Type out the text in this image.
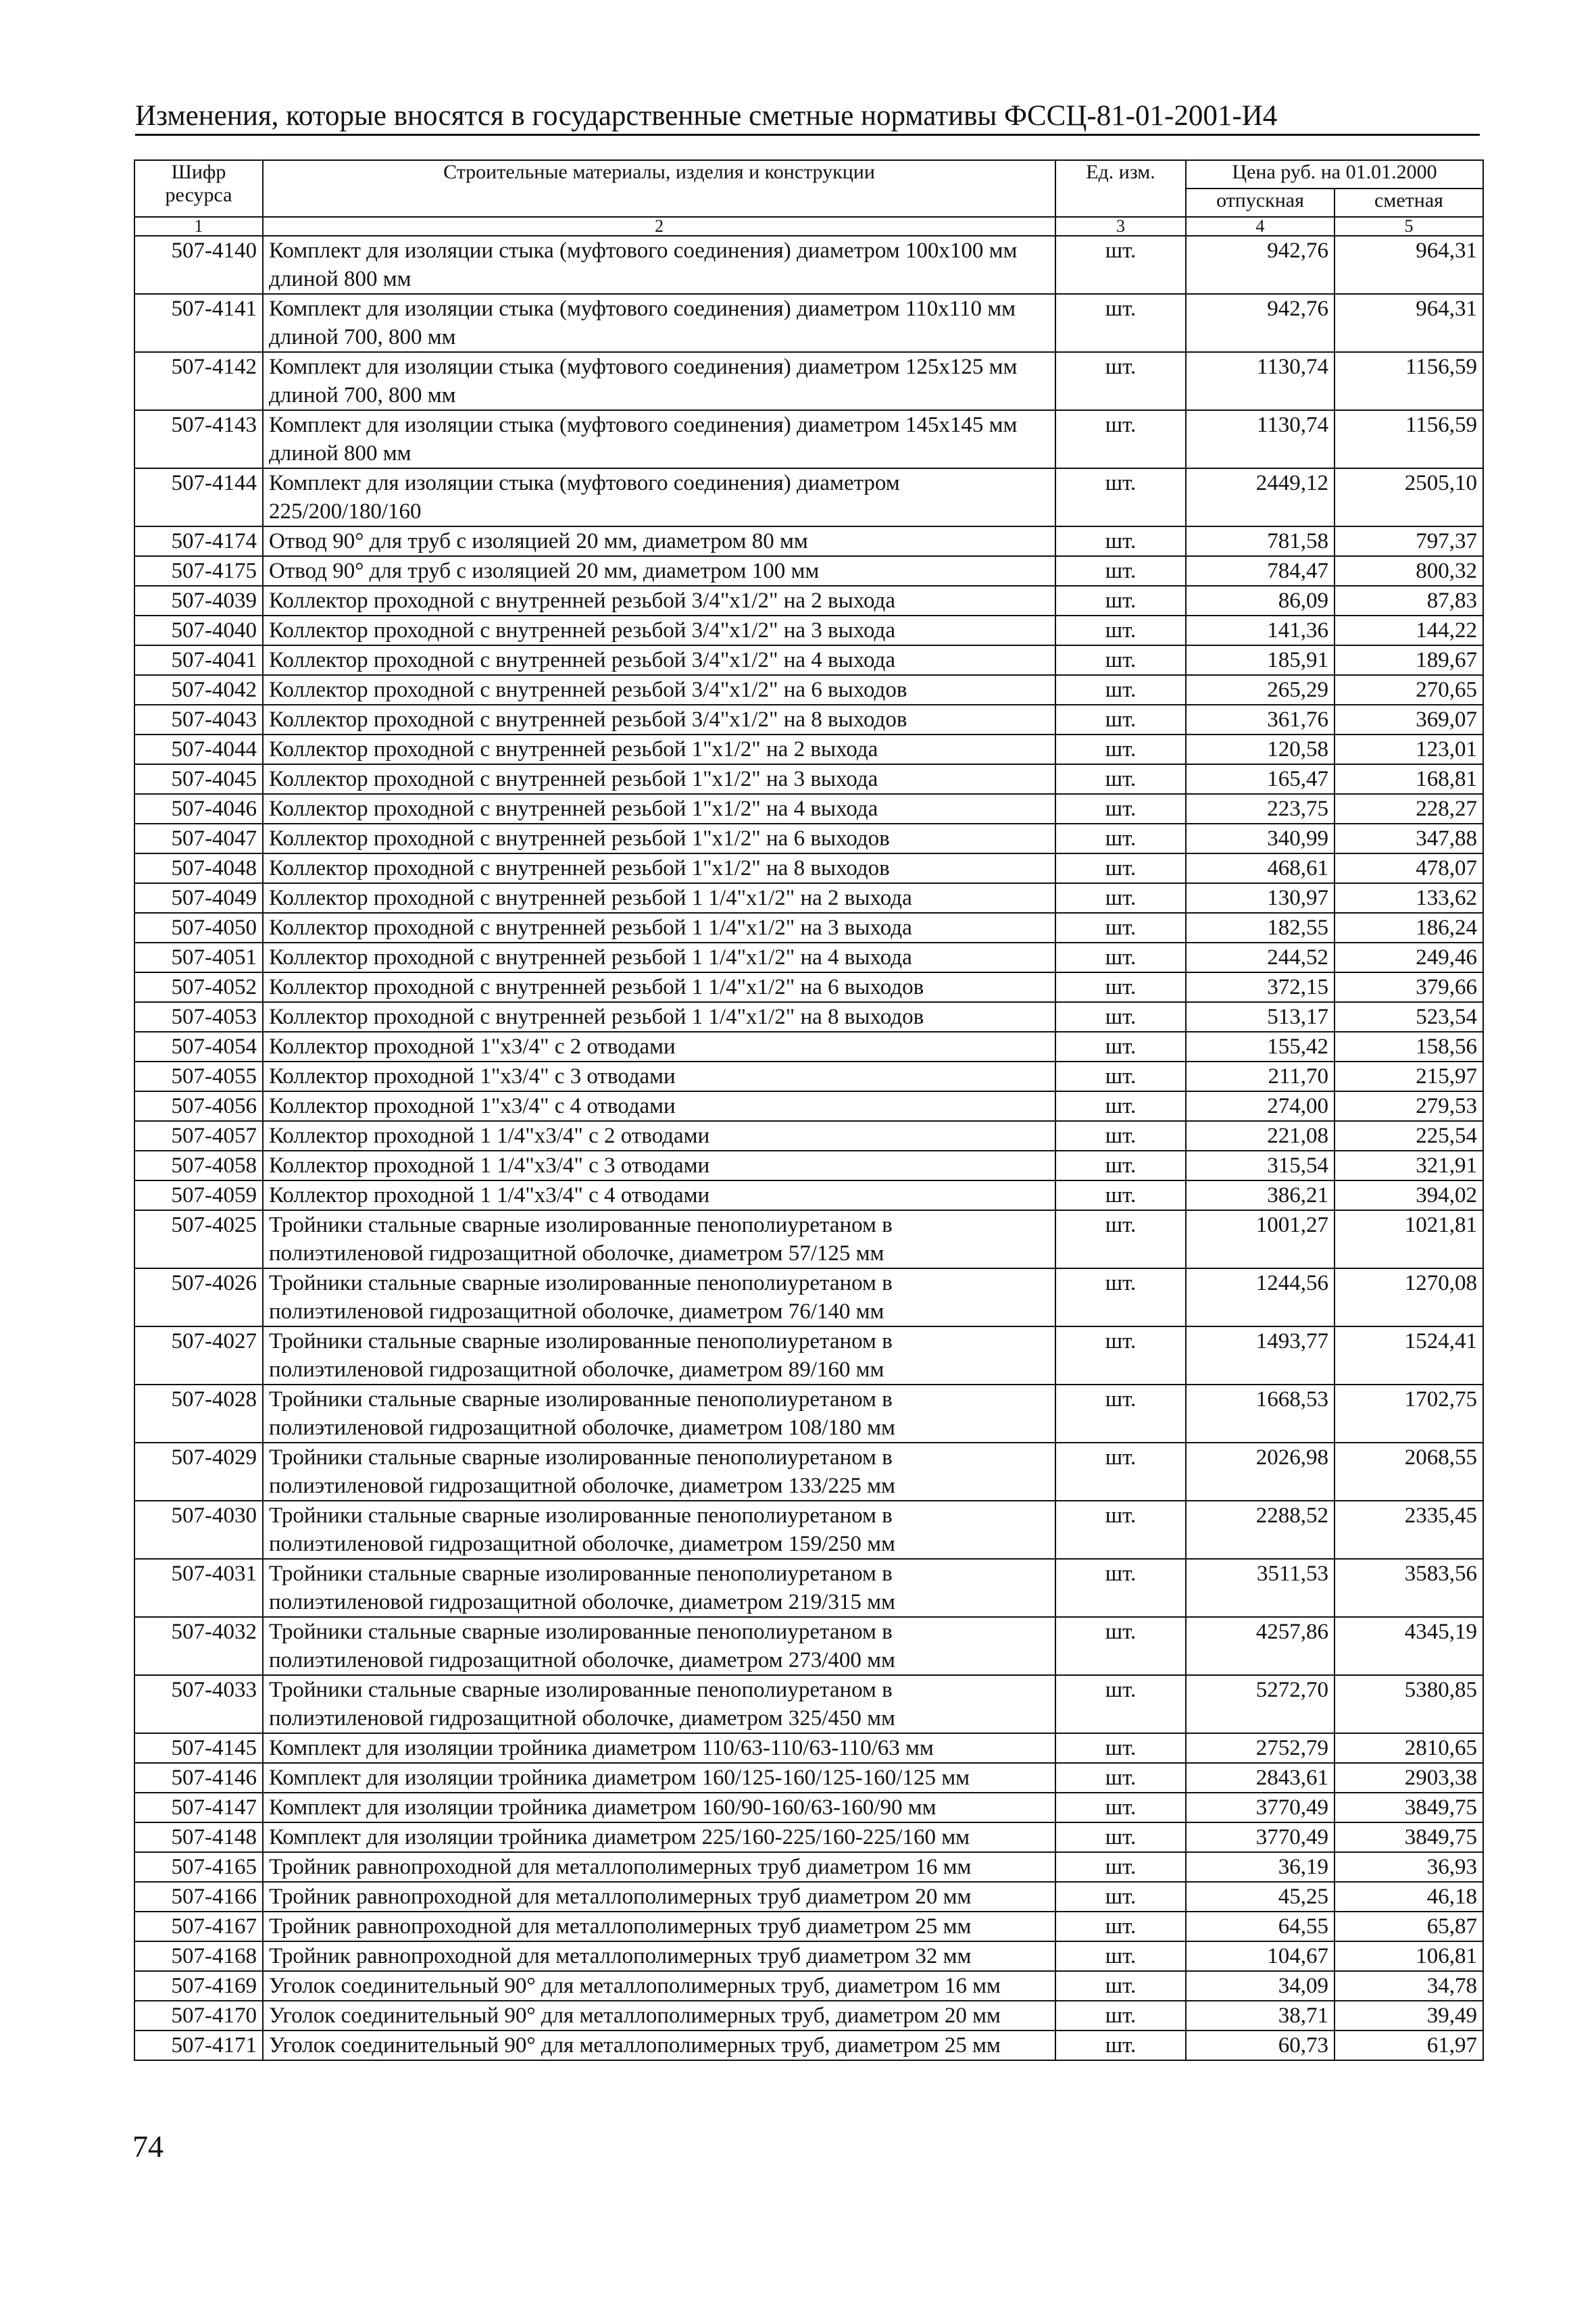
Изменения, которые вносятся в государственные сметные нормативы ФССЦ-81-01-2001-И4
Шифр ресурса	Строительные материалы, изделия и конструкции	Ед. изм.	Цена руб. на 01.01.2000	
			отпускная	сметная
1	2	3	4	5
507-4140	Комплект для изоляции стыка (муфтового соединения) диаметром 100x100 мм длиной 800 мм	шт.	942,76	964,31
507-4141	Комплект для изоляции стыка (муфтового соединения) диаметром 110x110 мм длиной 700, 800 мм	шт.	942,76	964,31
507-4142	Комплект для изоляции стыка (муфтового соединения) диаметром 125x125 мм длиной 700, 800 мм	шт.	1130,74	1156,59
507-4143	Комплект для изоляции стыка (муфтового соединения) диаметром 145x145 мм длиной 800 мм	шт.	1130,74	1156,59
507-4144	Комплект для изоляции стыка (муфтового соединения) диаметром 225/200/180/160	шт.	2449,12	2505,10
507-4174	Отвод 90° для труб с изоляцией 20 мм, диаметром 80 мм	шт.	781,58	797,37
507-4175	Отвод 90° для труб с изоляцией 20 мм, диаметром 100 мм	шт.	784,47	800,32
507-4039	Коллектор проходной с внутренней резьбой 3/4"x1/2" на 2 выхода	шт.	86,09	87,83
507-4040	Коллектор проходной с внутренней резьбой 3/4"x1/2" на 3 выхода	шт.	141,36	144,22
507-4041	Коллектор проходной с внутренней резьбой 3/4"x1/2" на 4 выхода	шт.	185,91	189,67
507-4042	Коллектор проходной с внутренней резьбой 3/4"x1/2" на 6 выходов	шт.	265,29	270,65
507-4043	Коллектор проходной с внутренней резьбой 3/4"x1/2" на 8 выходов	шт.	361,76	369,07
507-4044	Коллектор проходной с внутренней резьбой 1"x1/2" на 2 выхода	шт.	120,58	123,01
507-4045	Коллектор проходной с внутренней резьбой 1"x1/2" на 3 выхода	шт.	165,47	168,81
507-4046	Коллектор проходной с внутренней резьбой 1"x1/2" на 4 выхода	шт.	223,75	228,27
507-4047	Коллектор проходной с внутренней резьбой 1"x1/2" на 6 выходов	шт.	340,99	347,88
507-4048	Коллектор проходной с внутренней резьбой 1"x1/2" на 8 выходов	шт.	468,61	478,07
507-4049	Коллектор проходной с внутренней резьбой 1 1/4"x1/2" на 2 выхода	шт.	130,97	133,62
507-4050	Коллектор проходной с внутренней резьбой 1 1/4"x1/2" на 3 выхода	шт.	182,55	186,24
507-4051	Коллектор проходной с внутренней резьбой 1 1/4"x1/2" на 4 выхода	шт.	244,52	249,46
507-4052	Коллектор проходной с внутренней резьбой 1 1/4"x1/2" на 6 выходов	шт.	372,15	379,66
507-4053	Коллектор проходной с внутренней резьбой 1 1/4"x1/2" на 8 выходов	шт.	513,17	523,54
507-4054	Коллектор проходной 1"x3/4" с 2 отводами	шт.	155,42	158,56
507-4055	Коллектор проходной 1"x3/4" с 3 отводами	шт.	211,70	215,97
507-4056	Коллектор проходной 1"x3/4" с 4 отводами	шт.	274,00	279,53
507-4057	Коллектор проходной 1 1/4"x3/4" с 2 отводами	шт.	221,08	225,54
507-4058	Коллектор проходной 1 1/4"x3/4" с 3 отводами	шт.	315,54	321,91
507-4059	Коллектор проходной 1 1/4"x3/4" с 4 отводами	шт.	386,21	394,02
507-4025	Тройники стальные сварные изолированные пенополиуретаном в полиэтиленовой гидрозащитной оболочке, диаметром 57/125 мм	шт.	1001,27	1021,81
507-4026	Тройники стальные сварные изолированные пенополиуретаном в полиэтиленовой гидрозащитной оболочке, диаметром 76/140 мм	шт.	1244,56	1270,08
507-4027	Тройники стальные сварные изолированные пенополиуретаном в полиэтиленовой гидрозащитной оболочке, диаметром 89/160 мм	шт.	1493,77	1524,41
507-4028	Тройники стальные сварные изолированные пенополиуретаном в полиэтиленовой гидрозащитной оболочке, диаметром 108/180 мм	шт.	1668,53	1702,75
507-4029	Тройники стальные сварные изолированные пенополиуретаном в полиэтиленовой гидрозащитной оболочке, диаметром 133/225 мм	шт.	2026,98	2068,55
507-4030	Тройники стальные сварные изолированные пенополиуретаном в полиэтиленовой гидрозащитной оболочке, диаметром 159/250 мм	шт.	2288,52	2335,45
507-4031	Тройники стальные сварные изолированные пенополиуретаном в полиэтиленовой гидрозащитной оболочке, диаметром 219/315 мм	шт.	3511,53	3583,56
507-4032	Тройники стальные сварные изолированные пенополиуретаном в полиэтиленовой гидрозащитной оболочке, диаметром 273/400 мм	шт.	4257,86	4345,19
507-4033	Тройники стальные сварные изолированные пенополиуретаном в полиэтиленовой гидрозащитной оболочке, диаметром 325/450 мм	шт.	5272,70	5380,85
507-4145	Комплект для изоляции тройника диаметром 110/63-110/63-110/63 мм	шт.	2752,79	2810,65
507-4146	Комплект для изоляции тройника диаметром 160/125-160/125-160/125 мм	шт.	2843,61	2903,38
507-4147	Комплект для изоляции тройника диаметром 160/90-160/63-160/90 мм	шт.	3770,49	3849,75
507-4148	Комплект для изоляции тройника диаметром 225/160-225/160-225/160 мм	шт.	3770,49	3849,75
507-4165	Тройник равнопроходной для металлополимерных труб диаметром 16 мм	шт.	36,19	36,93
507-4166	Тройник равнопроходной для металлополимерных труб диаметром 20 мм	шт.	45,25	46,18
507-4167	Тройник равнопроходной для металлополимерных труб диаметром 25 мм	шт.	64,55	65,87
507-4168	Тройник равнопроходной для металлополимерных труб диаметром 32 мм	шт.	104,67	106,81
507-4169	Уголок соединительный 90° для металлополимерных труб, диаметром 16 мм	шт.	34,09	34,78
507-4170	Уголок соединительный 90° для металлополимерных труб, диаметром 20 мм	шт.	38,71	39,49
507-4171	Уголок соединительный 90° для металлополимерных труб, диаметром 25 мм	шт.	60,73	61,97
74
